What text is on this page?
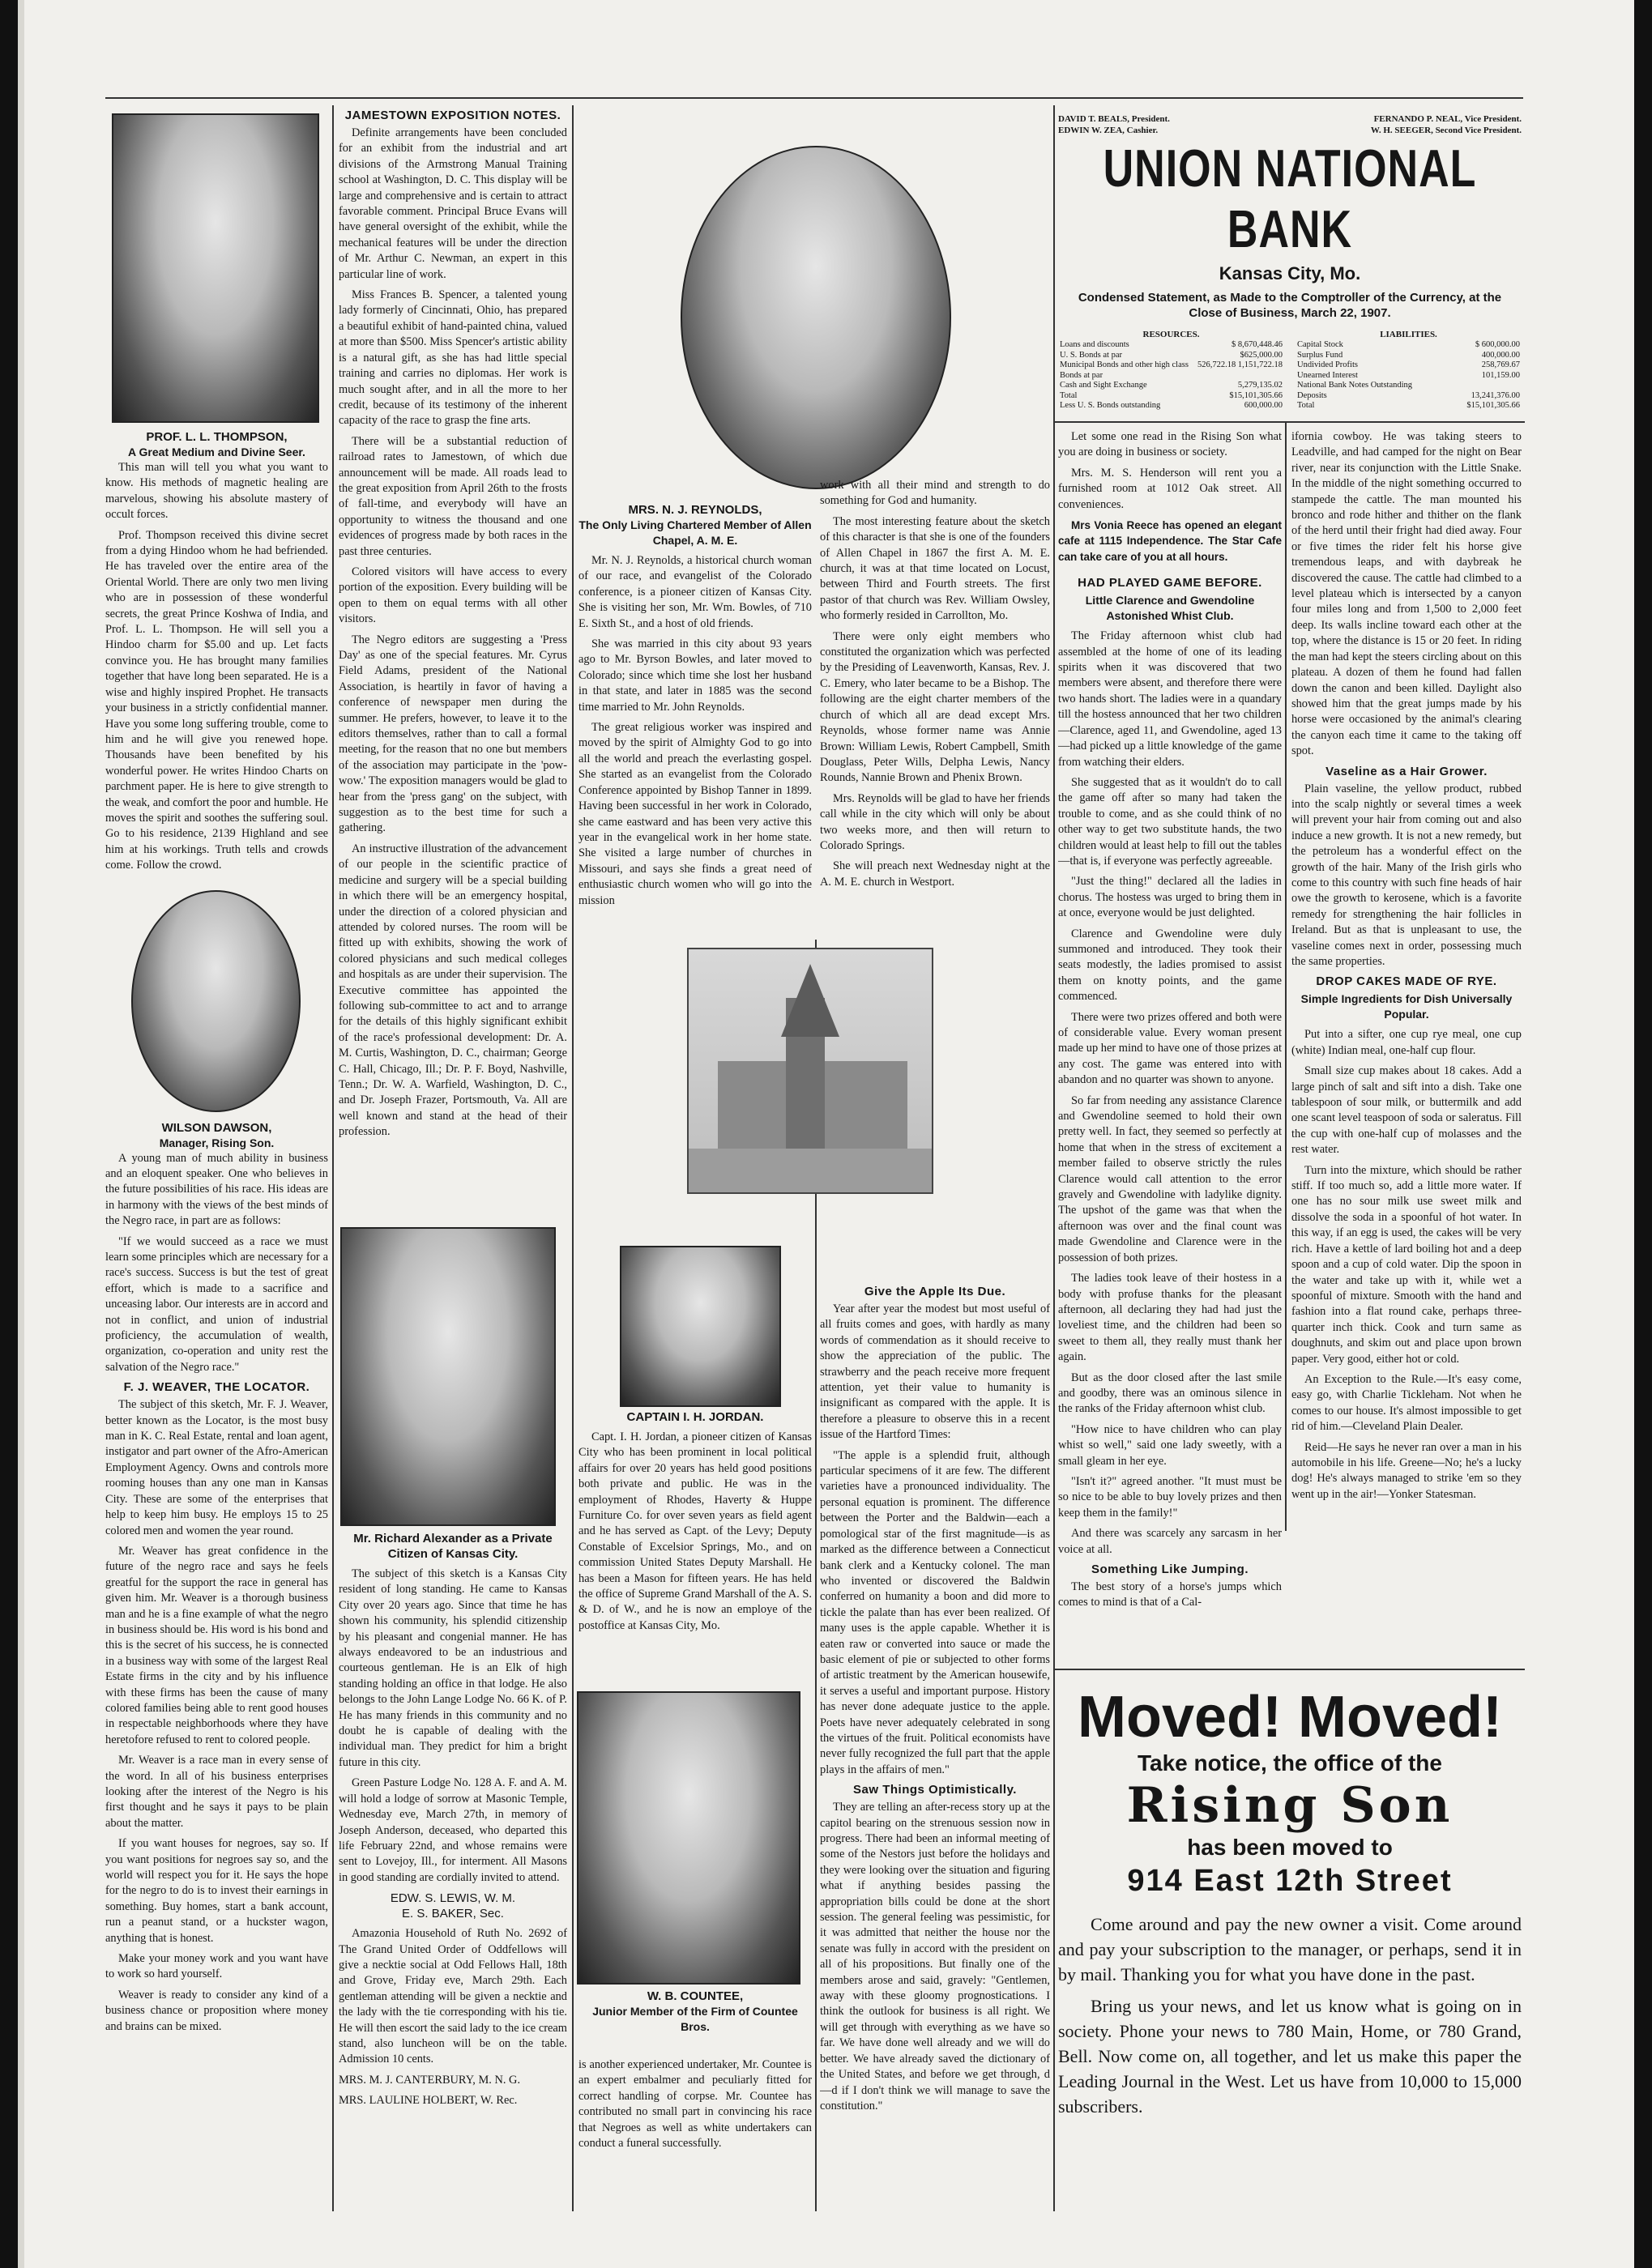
PROF. L. L. THOMPSON,

A Great Medium and Divine Seer.

This man will tell you what you want to know. His methods of magnetic healing are marvelous, showing his absolute mastery of occult forces.

Prof. Thompson received this divine secret from a dying Hindoo whom he had befriended. He has traveled over the entire area of the Oriental World. There are only two men living who are in possession of these wonderful secrets, the great Prince Koshwa of India, and Prof. L. L. Thompson. He will sell you a Hindoo charm for $5.00 and up. Let facts convince you. He has brought many families together that have long been separated. He is a wise and highly inspired Prophet. He transacts your business in a strictly confidential manner. Have you some long suffering trouble, come to him and he will give you renewed hope. Thousands have been benefited by his wonderful power. He writes Hindoo Charts on parchment paper. He is here to give strength to the weak, and comfort the poor and humble. He moves the spirit and soothes the suffering soul. Go to his residence, 2139 Highland and see him at his workings. Truth tells and crowds come. Follow the crowd.

WILSON DAWSON,

Manager, Rising Son.

A young man of much ability in business and an eloquent speaker. One who believes in the future possibilities of his race. His ideas are in harmony with the views of the best minds of the Negro race, in part are as follows:

"If we would succeed as a race we must learn some principles which are necessary for a race's success. Success is but the test of great effort, which is made to a sacrifice and unceasing labor. Our interests are in accord and not in conflict, and union of industrial proficiency, the accumulation of wealth, organization, co-operation and unity rest the salvation of the Negro race."

F. J. WEAVER, THE LOCATOR.

The subject of this sketch, Mr. F. J. Weaver, better known as the Locator, is the most busy man in K. C. Real Estate, rental and loan agent, instigator and part owner of the Afro-American Employment Agency. Owns and controls more rooming houses than any one man in Kansas City. These are some of the enterprises that help to keep him busy. He employs 15 to 25 colored men and women the year round.

Mr. Weaver has great confidence in the future of the negro race and says he feels greatful for the support the race in general has given him. Mr. Weaver is a thorough business man and he is a fine example of what the negro in business should be. His word is his bond and this is the secret of his success, he is connected in a business way with some of the largest Real Estate firms in the city and by his influence with these firms has been the cause of many colored families being able to rent good houses in respectable neighborhoods where they have heretofore refused to rent to colored people.

Mr. Weaver is a race man in every sense of the word. In all of his business enterprises looking after the interest of the Negro is his first thought and he says it pays to be plain about the matter.

If you want houses for negroes, say so. If you want positions for negroes say so, and the world will respect you for it. He says the hope for the negro to do is to invest their earnings in something. Buy homes, start a bank account, run a peanut stand, or a huckster wagon, anything that is honest.

Make your money work and you want have to work so hard yourself.

Weaver is ready to consider any kind of a business chance or proposition where money and brains can be mixed.

JAMESTOWN EXPOSITION NOTES.

Definite arrangements have been concluded for an exhibit from the industrial and art divisions of the Armstrong Manual Training school at Washington, D. C. This display will be large and comprehensive and is certain to attract favorable comment. Principal Bruce Evans will have general oversight of the exhibit, while the mechanical features will be under the direction of Mr. Arthur C. Newman, an expert in this particular line of work.

Miss Frances B. Spencer, a talented young lady formerly of Cincinnati, Ohio, has prepared a beautiful exhibit of hand-painted china, valued at more than $500. Miss Spencer's artistic ability is a natural gift, as she has had little special training and carries no diplomas. Her work is much sought after, and in all the more to her credit, because of its testimony of the inherent capacity of the race to grasp the fine arts.

There will be a substantial reduction of railroad rates to Jamestown, of which due announcement will be made. All roads lead to the great exposition from April 26th to the frosts of fall-time, and everybody will have an opportunity to witness the thousand and one evidences of progress made by both races in the past three centuries.

Colored visitors will have access to every portion of the exposition. Every building will be open to them on equal terms with all other visitors.

The Negro editors are suggesting a 'Press Day' as one of the special features. Mr. Cyrus Field Adams, president of the National Association, is heartily in favor of having a conference of newspaper men during the summer. He prefers, however, to leave it to the editors themselves, rather than to call a formal meeting, for the reason that no one but members of the association may participate in the 'pow-wow.' The exposition managers would be glad to hear from the 'press gang' on the subject, with suggestion as to the best time for such a gathering.

An instructive illustration of the advancement of our people in the scientific practice of medicine and surgery will be a special building in which there will be an emergency hospital, under the direction of a colored physician and attended by colored nurses. The room will be fitted up with exhibits, showing the work of colored physicians and such medical colleges and hospitals as are under their supervision. The Executive committee has appointed the following sub-committee to act and to arrange for the details of this highly significant exhibit of the race's professional development: Dr. A. M. Curtis, Washington, D. C., chairman; George C. Hall, Chicago, Ill.; Dr. P. F. Boyd, Nashville, Tenn.; Dr. W. A. Warfield, Washington, D. C., and Dr. Joseph Frazer, Portsmouth, Va. All are well known and stand at the head of their profession.

Mr. Richard Alexander as a Private Citizen of Kansas City.

The subject of this sketch is a Kansas City resident of long standing. He came to Kansas City over 20 years ago. Since that time he has shown his community, his splendid citizenship by his pleasant and congenial manner. He has always endeavored to be an industrious and courteous gentleman. He is an Elk of high standing holding an office in that lodge. He also belongs to the John Lange Lodge No. 66 K. of P. He has many friends in this community and no doubt he is capable of dealing with the individual man. They predict for him a bright future in this city.

Green Pasture Lodge No. 128 A. F. and A. M. will hold a lodge of sorrow at Masonic Temple, Wednesday eve, March 27th, in memory of Joseph Anderson, deceased, who departed this life February 22nd, and whose remains were sent to Lovejoy, Ill., for interment. All Masons in good standing are cordially invited to attend.

EDW. S. LEWIS, W. M.

E. S. BAKER, Sec.

Amazonia Household of Ruth No. 2692 of The Grand United Order of Oddfellows will give a necktie social at Odd Fellows Hall, 18th and Grove, Friday eve, March 29th. Each gentleman attending will be given a necktie and the lady with the tie corresponding with his tie. He will then escort the said lady to the ice cream stand, also luncheon will be on the table. Admission 10 cents.

MRS. M. J. CANTERBURY, M. N. G.

MRS. LAULINE HOLBERT, W. Rec.

MRS. N. J. REYNOLDS,

The Only Living Chartered Member of Allen Chapel, A. M. E.

Mr. N. J. Reynolds, a historical church woman of our race, and evangelist of the Colorado conference, is a pioneer citizen of Kansas City. She is visiting her son, Mr. Wm. Bowles, of 710 E. Sixth St., and a host of old friends.

She was married in this city about 93 years ago to Mr. Byrson Bowles, and later moved to Colorado; since which time she lost her husband in that state, and later in 1885 was the second time married to Mr. John Reynolds.

The great religious worker was inspired and moved by the spirit of Almighty God to go into all the world and preach the everlasting gospel. She started as an evangelist from the Colorado Conference appointed by Bishop Tanner in 1899. Having been successful in her work in Colorado, she came eastward and has been very active this year in the evangelical work in her home state. She visited a large number of churches in Missouri, and says she finds a great need of enthusiastic church women who will go into the mission

CAPTAIN I. H. JORDAN.

Capt. I. H. Jordan, a pioneer citizen of Kansas City who has been prominent in local political affairs for over 20 years has held good positions both private and public. He was in the employment of Rhodes, Haverty & Huppe Furniture Co. for over seven years as field agent and he has served as Capt. of the Levy; Deputy Constable of Excelsior Springs, Mo., and on commission United States Deputy Marshall. He has been a Mason for fifteen years. He has held the office of Supreme Grand Marshall of the A. S. & D. of W., and he is now an employe of the postoffice at Kansas City, Mo.

W. B. COUNTEE,

Junior Member of the Firm of Countee Bros.

work with all their mind and strength to do something for God and humanity.

The most interesting feature about the sketch of this character is that she is one of the founders of Allen Chapel in 1867 the first A. M. E. church, it was at that time located on Locust, between Third and Fourth streets. The first pastor of that church was Rev. William Owsley, who formerly resided in Carrollton, Mo.

There were only eight members who constituted the organization which was perfected by the Presiding of Leavenworth, Kansas, Rev. J. C. Emery, who later became to be a Bishop. The following are the eight charter members of the church of which all are dead except Mrs. Reynolds, whose former name was Annie Brown: William Lewis, Robert Campbell, Smith Douglass, Peter Wills, Delpha Lewis, Nancy Rounds, Nannie Brown and Phenix Brown.

Mrs. Reynolds will be glad to have her friends call while in the city which will only be about two weeks more, and then will return to Colorado Springs.

She will preach next Wednesday night at the A. M. E. church in Westport.

Give the Apple Its Due.

Year after year the modest but most useful of all fruits comes and goes, with hardly as many words of commendation as it should receive to show the appreciation of the public. The strawberry and the peach receive more frequent attention, yet their value to humanity is insignificant as compared with the apple. It is therefore a pleasure to observe this in a recent issue of the Hartford Times:

"The apple is a splendid fruit, although particular specimens of it are few. The different varieties have a pronounced individuality. The personal equation is prominent. The difference between the Porter and the Baldwin—each a pomological star of the first magnitude—is as marked as the difference between a Connecticut bank clerk and a Kentucky colonel. The man who invented or discovered the Baldwin conferred on humanity a boon and did more to tickle the palate than has ever been realized. Of many uses is the apple capable. Whether it is eaten raw or converted into sauce or made the basic element of pie or subjected to other forms of artistic treatment by the American housewife, it serves a useful and important purpose. History has never done adequate justice to the apple. Poets have never adequately celebrated in song the virtues of the fruit. Political economists have never fully recognized the full part that the apple plays in the affairs of men."

Saw Things Optimistically.

They are telling an after-recess story up at the capitol bearing on the strenuous session now in progress. There had been an informal meeting of some of the Nestors just before the holidays and they were looking over the situation and figuring what if anything besides passing the appropriation bills could be done at the short session. The general feeling was pessimistic, for it was admitted that neither the house nor the senate was fully in accord with the president on all of his propositions. But finally one of the members arose and said, gravely: "Gentlemen, away with these gloomy prognostications. I think the outlook for business is all right. We will get through with everything as we have so far. We have done well already and we will do better. We have already saved the dictionary of the United States, and before we get through, d—d if I don't think we will manage to save the constitution."

is another experienced undertaker, Mr. Countee is an expert embalmer and peculiarly fitted for correct handling of corpse. Mr. Countee has contributed no small part in convincing his race that Negroes as well as white undertakers can conduct a funeral successfully.

DAVID T. BEALS, President.
EDWIN W. ZEA, Cashier.
FERNANDO P. NEAL, Vice President.
W. H. SEEGER, Second Vice President.
UNION NATIONAL BANK
Kansas City, Mo.
Condensed Statement, as Made to the Comptroller of the Currency, at the Close of Business, March 22, 1907.
RESOURCES.
Loans and discounts	$ 8,670,448.46
U. S. Bonds at par	$625,000.00
Municipal Bonds and other high class Bonds at par	526,722.18 1,151,722.18
Cash and Sight Exchange	5,279,135.02
Total	$15,101,305.66
Less U. S. Bonds outstanding	600,000.00
LIABILITIES.
Capital Stock	$ 600,000.00
Surplus Fund	400,000.00
Undivided Profits	258,769.67
Unearned Interest	101,159.00
National Bank Notes Outstanding	
Deposits	13,241,376.00
Total	$15,101,305.66

Let some one read in the Rising Son what you are doing in business or society.

Mrs. M. S. Henderson will rent you a furnished room at 1012 Oak street. All conveniences.

Mrs Vonia Reece has opened an elegant cafe at 1115 Independence. The Star Cafe can take care of you at all hours.

HAD PLAYED GAME BEFORE.

Little Clarence and Gwendoline Astonished Whist Club.

The Friday afternoon whist club had assembled at the home of one of its leading spirits when it was discovered that two members were absent, and therefore there were two hands short. The ladies were in a quandary till the hostess announced that her two children—Clarence, aged 11, and Gwendoline, aged 13—had picked up a little knowledge of the game from watching their elders.

She suggested that as it wouldn't do to call the game off after so many had taken the trouble to come, and as she could think of no other way to get two substitute hands, the two children would at least help to fill out the tables—that is, if everyone was perfectly agreeable.

"Just the thing!" declared all the ladies in chorus. The hostess was urged to bring them in at once, everyone would be just delighted.

Clarence and Gwendoline were duly summoned and introduced. They took their seats modestly, the ladies promised to assist them on knotty points, and the game commenced.

There were two prizes offered and both were of considerable value. Every woman present made up her mind to have one of those prizes at any cost. The game was entered into with abandon and no quarter was shown to anyone.

So far from needing any assistance Clarence and Gwendoline seemed to hold their own pretty well. In fact, they seemed so perfectly at home that when in the stress of excitement a member failed to observe strictly the rules Clarence would call attention to the error gravely and Gwendoline with ladylike dignity. The upshot of the game was that when the afternoon was over and the final count was made Gwendoline and Clarence were in the possession of both prizes.

The ladies took leave of their hostess in a body with profuse thanks for the pleasant afternoon, all declaring they had had just the loveliest time, and the children had been so sweet to them all, they really must thank her again.

But as the door closed after the last smile and goodby, there was an ominous silence in the ranks of the Friday afternoon whist club.

"How nice to have children who can play whist so well," said one lady sweetly, with a small gleam in her eye.

"Isn't it?" agreed another. "It must must be so nice to be able to buy lovely prizes and then keep them in the family!"

And there was scarcely any sarcasm in her voice at all.

Something Like Jumping.

The best story of a horse's jumps which comes to mind is that of a Cal-

ifornia cowboy. He was taking steers to Leadville, and had camped for the night on Bear river, near its conjunction with the Little Snake. In the middle of the night something occurred to stampede the cattle. The man mounted his bronco and rode hither and thither on the flank of the herd until their fright had died away. Four or five times the rider felt his horse give tremendous leaps, and with daybreak he discovered the cause. The cattle had climbed to a level plateau which is intersected by a canyon four miles long and from 1,500 to 2,000 feet deep. Its walls incline toward each other at the top, where the distance is 15 or 20 feet. In riding the man had kept the steers circling about on this plateau. A dozen of them he found had fallen down the canon and been killed. Daylight also showed him that the great jumps made by his horse were occasioned by the animal's clearing the canyon each time it came to the taking off spot.

Vaseline as a Hair Grower.

Plain vaseline, the yellow product, rubbed into the scalp nightly or several times a week will prevent your hair from coming out and also induce a new growth. It is not a new remedy, but the petroleum has a wonderful effect on the growth of the hair. Many of the Irish girls who come to this country with such fine heads of hair owe the growth to kerosene, which is a favorite remedy for strengthening the hair follicles in Ireland. But as that is unpleasant to use, the vaseline comes next in order, possessing much the same properties.

DROP CAKES MADE OF RYE.

Simple Ingredients for Dish Universally Popular.

Put into a sifter, one cup rye meal, one cup (white) Indian meal, one-half cup flour.

Small size cup makes about 18 cakes. Add a large pinch of salt and sift into a dish. Take one tablespoon of sour milk, or buttermilk and add one scant level teaspoon of soda or saleratus. Fill the cup with one-half cup of molasses and the rest water.

Turn into the mixture, which should be rather stiff. If too much so, add a little more water. If one has no sour milk use sweet milk and dissolve the soda in a spoonful of hot water. In this way, if an egg is used, the cakes will be very rich. Have a kettle of lard boiling hot and a deep spoon and a cup of cold water. Dip the spoon in the water and take up with it, while wet a spoonful of mixture. Smooth with the hand and fashion into a flat round cake, perhaps three-quarter inch thick. Cook and turn same as doughnuts, and skim out and place upon brown paper. Very good, either hot or cold.

An Exception to the Rule.—It's easy come, easy go, with Charlie Tickleham. Not when he comes to our house. It's almost impossible to get rid of him.—Cleveland Plain Dealer.

Reid—He says he never ran over a man in his automobile in his life. Greene—No; he's a lucky dog! He's always managed to strike 'em so they went up in the air!—Yonker Statesman.

Moved! Moved!
Take notice, the office of the
Rising Son
has been moved to
914 East 12th Street

Come around and pay the new owner a visit. Come around and pay your subscription to the manager, or perhaps, send it in by mail. Thanking you for what you have done in the past.

Bring us your news, and let us know what is going on in society. Phone your news to 780 Main, Home, or 780 Grand, Bell. Now come on, all together, and let us make this paper the Leading Journal in the West. Let us have from 10,000 to 15,000 subscribers.
